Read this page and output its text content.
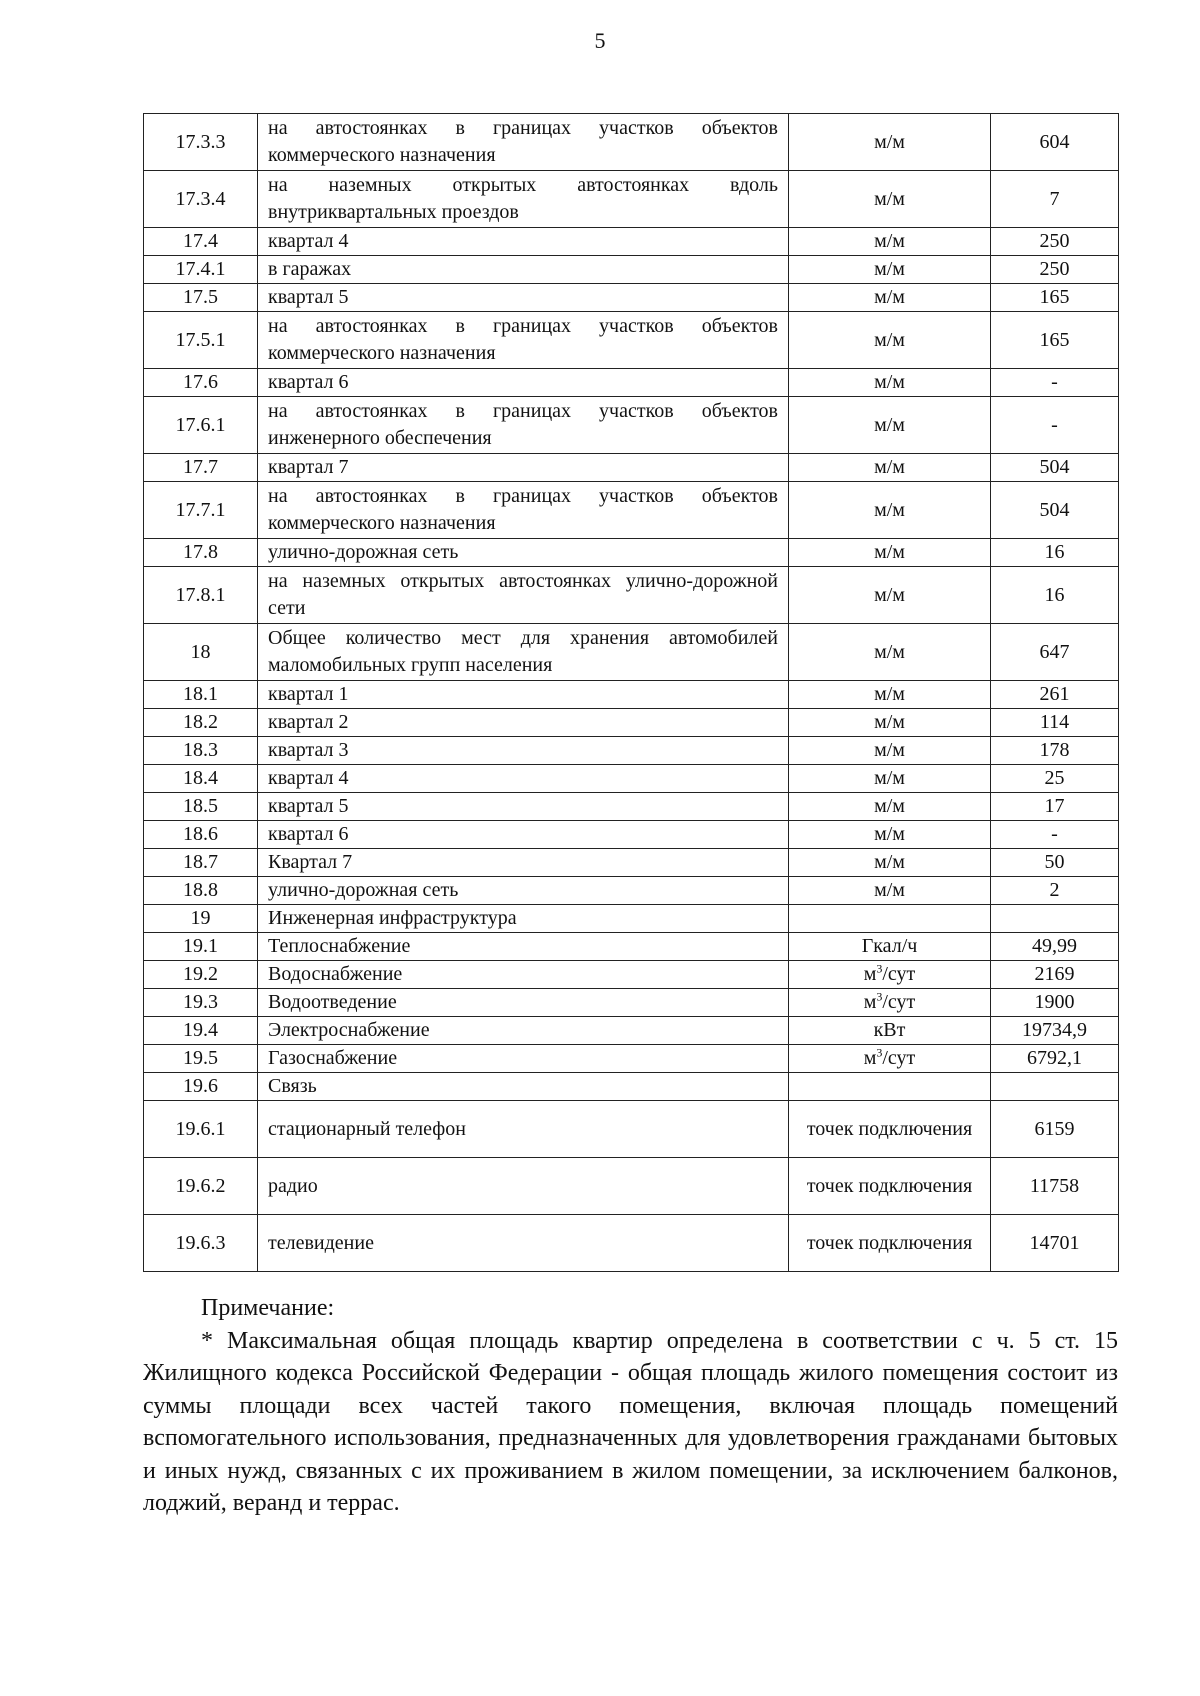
5
17.3.3	на автостоянках в границах участков объектов коммерческого назначения	м/м	604
17.3.4	на наземных открытых автостоянках вдоль внутриквартальных проездов	м/м	7
17.4	квартал 4	м/м	250
17.4.1	в гаражах	м/м	250
17.5	квартал 5	м/м	165
17.5.1	на автостоянках в границах участков объектов коммерческого назначения	м/м	165
17.6	квартал 6	м/м	-
17.6.1	на автостоянках в границах участков объектов инженерного обеспечения	м/м	-
17.7	квартал 7	м/м	504
17.7.1	на автостоянках в границах участков объектов коммерческого назначения	м/м	504
17.8	улично-дорожная сеть	м/м	16
17.8.1	на наземных открытых автостоянках улично-дорожной сети	м/м	16
18	Общее количество мест для хранения автомобилей маломобильных групп населения	м/м	647
18.1	квартал 1	м/м	261
18.2	квартал 2	м/м	114
18.3	квартал 3	м/м	178
18.4	квартал 4	м/м	25
18.5	квартал 5	м/м	17
18.6	квартал 6	м/м	-
18.7	Квартал 7	м/м	50
18.8	улично-дорожная сеть	м/м	2
19	Инженерная инфраструктура		
19.1	Теплоснабжение	Гкал/ч	49,99
19.2	Водоснабжение	$м^3$/сут	2169
19.3	Водоотведение	$м^3$/сут	1900
19.4	Электроснабжение	кВт	19734,9
19.5	Газоснабжение	$м^3$/сут	6792,1
19.6	Связь		
19.6.1	стационарный телефон	точек подключения	6159
19.6.2	радио	точек подключения	11758
19.6.3	телевидение	точек подключения	14701

Примечание:

* Максимальная общая площадь квартир определена в соответствии с ч. 5 ст. 15 Жилищного кодекса Российской Федерации - общая площадь жилого помещения состоит из суммы площади всех частей такого помещения, включая площадь помещений вспомогательного использования, предназначенных для удовлетворения гражданами бытовых и иных нужд, связанных с их проживанием в жилом помещении, за исключением балконов, лоджий, веранд и террас.
